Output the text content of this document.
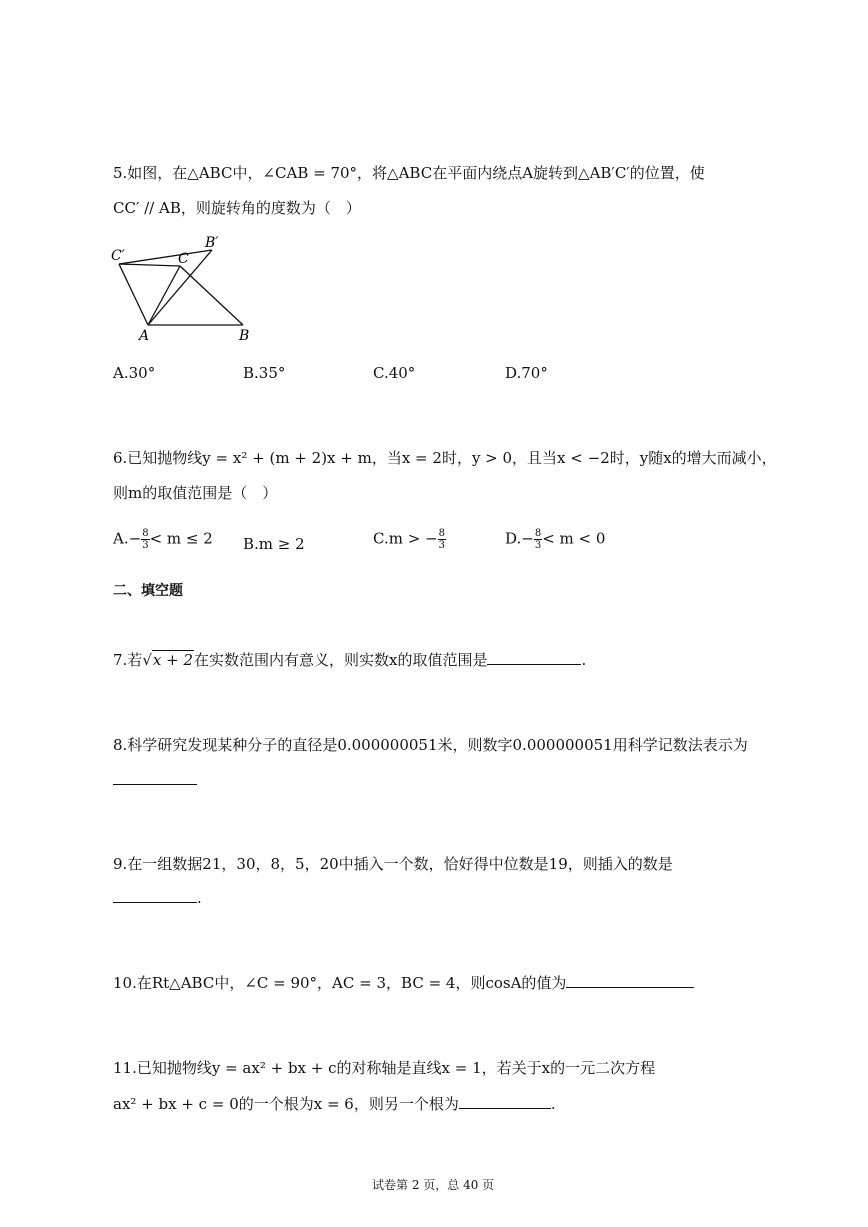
5.如图，在△ABC中，∠CAB = 70°，将△ABC在平面内绕点A旋转到△AB′C′的位置，使
CC′ // AB，则旋转角的度数为（　）
C′
B′
C
A	B
A.30°	B.35°	C.40°	D.70°
6.已知抛物线y = x² + (m + 2)x + m，当x = 2时，y > 0，且当x < −2时，y随x的增大而减小，
则m的取值范围是（　）
$A.- \frac{8}{3} < m \le 2$ B.m ≥ 2	C.m > − $\frac{8}{3}$	$D.- \frac{8}{3} < m < 0$
二、填空题
7.若√x + 2在实数范围内有意义，则实数x的取值范围是	.
8.科学研究发现某种分子的直径是0.000000051米，则数字0.000000051用科学记数法表示为
9.在一组数据21，30，8，5，20中插入一个数，恰好得中位数是19，则插入的数是
.
10.在Rt△ABC中，∠C = 90°，AC = 3，BC = 4，则cosA的值为
11.已知抛物线y = ax² + bx + c的对称轴是直线x = 1，若关于x的一元二次方程
ax² + bx + c = 0的一个根为x = 6，则另一个根为	.
试卷第 2 页，总 40 页
